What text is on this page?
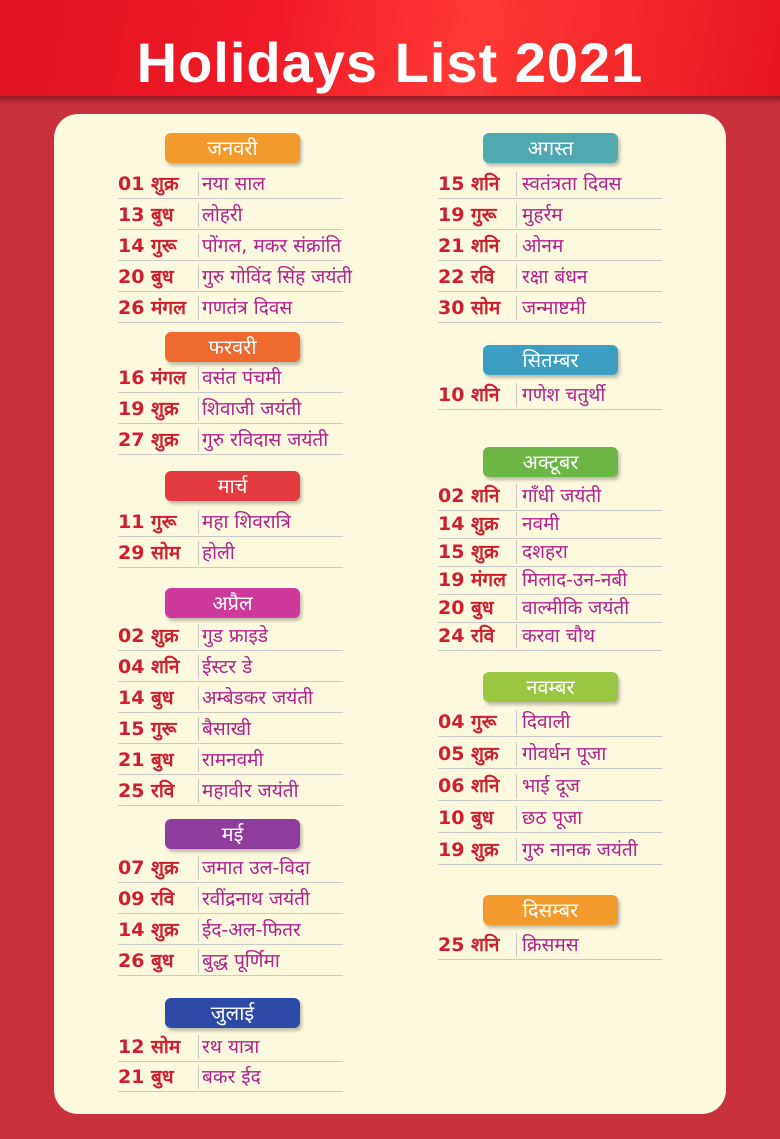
Holidays List 2021
जनवरी
01 शुक्र	नया साल
13 बुध	लोहरी
14 गुरू	पोंगल, मकर संक्रांति
20 बुध	गुरु गोविंद सिंह जयंती
26 मंगल गणतंत्र दिवस
फरवरी
16 मंगल वसंत पंचमी
19 शुक्र	शिवाजी जयंती
27 शुक्र	गुरु रविदास जयंती
मार्च
11 गुरू	महा शिवरात्रि
29 सोम	होली
अप्रैल
02 शुक्र	गुड फ्राइडे
04 शनि	ईस्टर डे
14 बुध	अम्बेडकर जयंती
15 गुरू	बैसाखी
21 बुध	रामनवमी
25 रवि	महावीर जयंती
मई
07 शुक्र	जमात उल-विदा
09 रवि	रवींद्रनाथ जयंती
14 शुक्र	ईद-अल-फितर
26 बुध	बुद्ध पूर्णिमा
जुलाई
12 सोम	रथ यात्रा
21 बुध	बकर ईद
अगस्त
15 शनि	स्वतंत्रता दिवस
19 गुरू	मुहर्रम
21 शनि	ओनम
22 रवि	रक्षा बंधन
30 सोम	जन्माष्टमी
सितम्बर
10 शनि	गणेश चतुर्थी
अक्टूबर
02 शनि	गाँधी जयंती
14 शुक्र	नवमी
15 शुक्र	दशहरा
19 मंगल मिलाद-उन-नबी
20 बुध	वाल्मीकि जयंती
24 रवि	करवा चौथ
नवम्बर
04 गुरू	दिवाली
05 शुक्र	गोवर्धन पूजा
06 शनि	भाई दूज
10 बुध	छठ पूजा
19 शुक्र	गुरु नानक जयंती
दिसम्बर
25 शनि	क्रिसमस
